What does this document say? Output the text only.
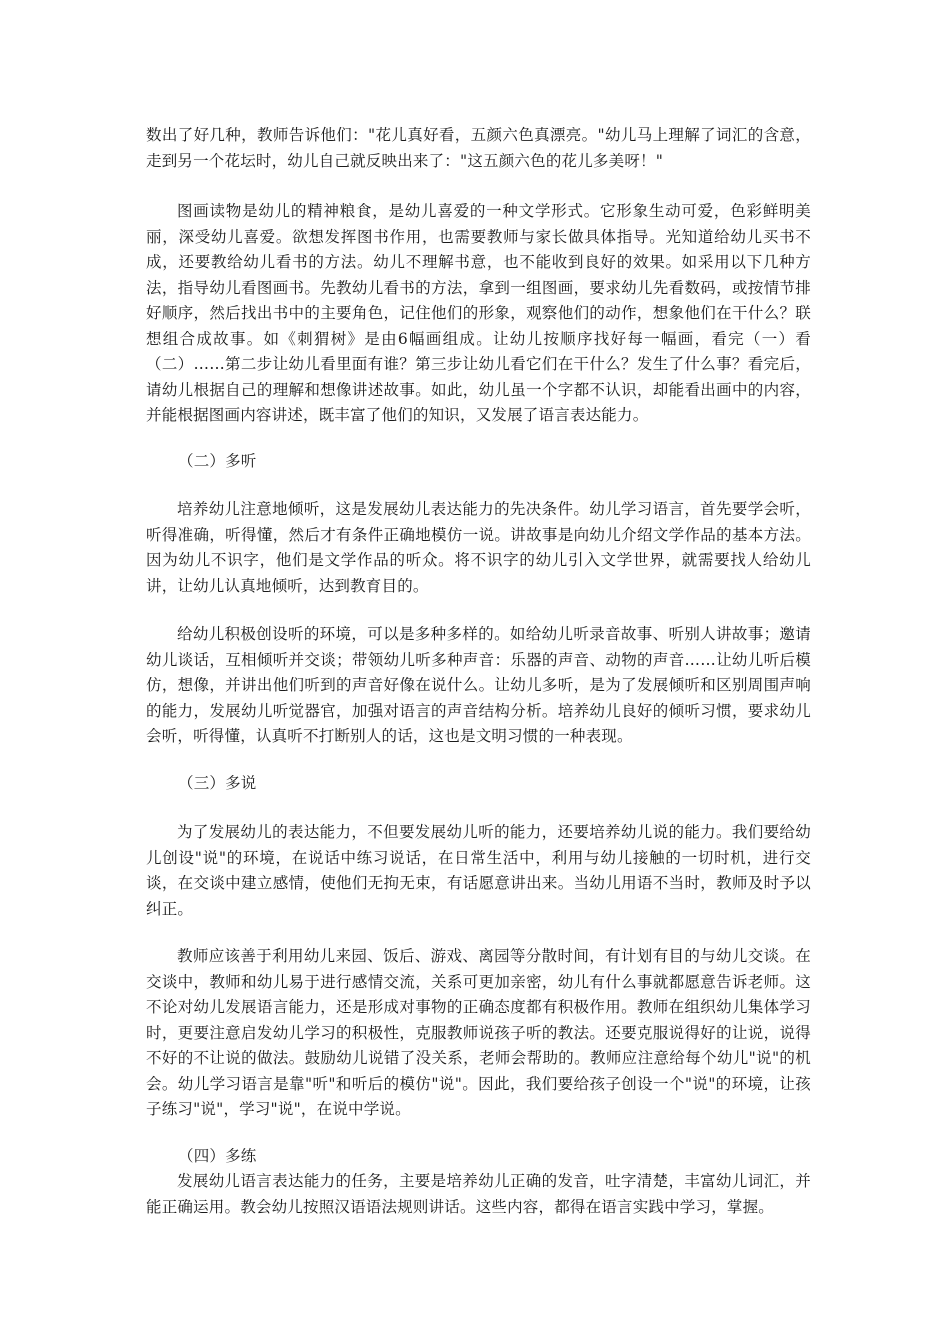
数出了好几种，教师告诉他们："花儿真好看，五颜六色真漂亮。"幼儿马上理解了词汇的含意，走到另一个花坛时，幼儿自己就反映出来了："这五颜六色的花儿多美呀！"

图画读物是幼儿的精神粮食，是幼儿喜爱的一种文学形式。它形象生动可爱，色彩鲜明美丽，深受幼儿喜爱。欲想发挥图书作用，也需要教师与家长做具体指导。光知道给幼儿买书不成，还要教给幼儿看书的方法。幼儿不理解书意，也不能收到良好的效果。如采用以下几种方法，指导幼儿看图画书。先教幼儿看书的方法，拿到一组图画，要求幼儿先看数码，或按情节排好顺序，然后找出书中的主要角色，记住他们的形象，观察他们的动作，想象他们在干什么？联想组合成故事。如《刺猬树》是由6幅画组成。让幼儿按顺序找好每一幅画，看完（一）看（二）……第二步让幼儿看里面有谁？第三步让幼儿看它们在干什么？发生了什么事？看完后，请幼儿根据自己的理解和想像讲述故事。如此，幼儿虽一个字都不认识，却能看出画中的内容，并能根据图画内容讲述，既丰富了他们的知识，又发展了语言表达能力。

（二）多听

培养幼儿注意地倾听，这是发展幼儿表达能力的先决条件。幼儿学习语言，首先要学会听，听得准确，听得懂，然后才有条件正确地模仿一说。讲故事是向幼儿介绍文学作品的基本方法。因为幼儿不识字，他们是文学作品的听众。将不识字的幼儿引入文学世界，就需要找人给幼儿讲，让幼儿认真地倾听，达到教育目的。

给幼儿积极创设听的环境，可以是多种多样的。如给幼儿听录音故事、听别人讲故事；邀请幼儿谈话，互相倾听并交谈；带领幼儿听多种声音：乐器的声音、动物的声音……让幼儿听后模仿，想像，并讲出他们听到的声音好像在说什么。让幼儿多听，是为了发展倾听和区别周围声响的能力，发展幼儿听觉器官，加强对语言的声音结构分析。培养幼儿良好的倾听习惯，要求幼儿会听，听得懂，认真听不打断别人的话，这也是文明习惯的一种表现。

（三）多说

为了发展幼儿的表达能力，不但要发展幼儿听的能力，还要培养幼儿说的能力。我们要给幼儿创设"说"的环境，在说话中练习说话，在日常生活中，利用与幼儿接触的一切时机，进行交谈，在交谈中建立感情，使他们无拘无束，有话愿意讲出来。当幼儿用语不当时，教师及时予以纠正。

教师应该善于利用幼儿来园、饭后、游戏、离园等分散时间，有计划有目的与幼儿交谈。在交谈中，教师和幼儿易于进行感情交流，关系可更加亲密，幼儿有什么事就都愿意告诉老师。这不论对幼儿发展语言能力，还是形成对事物的正确态度都有积极作用。教师在组织幼儿集体学习时，更要注意启发幼儿学习的积极性，克服教师说孩子听的教法。还要克服说得好的让说，说得不好的不让说的做法。鼓励幼儿说错了没关系，老师会帮助的。教师应注意给每个幼儿"说"的机会。幼儿学习语言是靠"听"和听后的模仿"说"。因此，我们要给孩子创设一个"说"的环境，让孩子练习"说"，学习"说"，在说中学说。

（四）多练

发展幼儿语言表达能力的任务，主要是培养幼儿正确的发音，吐字清楚，丰富幼儿词汇，并能正确运用。教会幼儿按照汉语语法规则讲话。这些内容，都得在语言实践中学习，掌握。
